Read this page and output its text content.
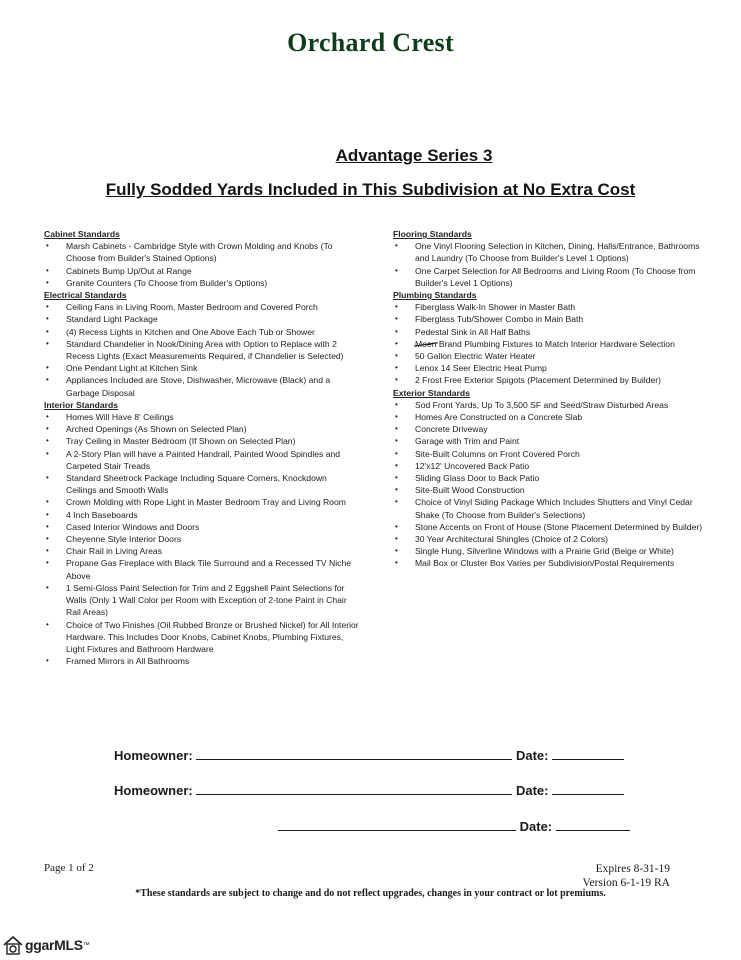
Orchard Crest
Advantage Series 3
Fully Sodded Yards Included in This Subdivision at No Extra Cost
Cabinet Standards
• Marsh Cabinets - Cambridge Style with Crown Molding and Knobs (To Choose from Builder's Stained Options)
• Cabinets Bump Up/Out at Range
• Granite Counters (To Choose from Builder's Options)
Electrical Standards
• Ceiling Fans in Living Room, Master Bedroom and Covered Porch
• Standard Light Package
• (4) Recess Lights in Kitchen and One Above Each Tub or Shower
• Standard Chandelier in Nook/Dining Area with Option to Replace with 2 Recess Lights (Exact Measurements Required, if Chandelier is Selected)
• One Pendant Light at Kitchen Sink
• Appliances Included are Stove, Dishwasher, Microwave (Black) and a Garbage Disposal
Interior Standards
• Homes Will Have 8' Ceilings
• Arched Openings (As Shown on Selected Plan)
• Tray Ceiling in Master Bedroom (If Shown on Selected Plan)
• A 2-Story Plan will have a Painted Handrail, Painted Wood Spindles and Carpeted Stair Treads
• Standard Sheetrock Package Including Square Corners, Knockdown Ceilings and Smooth Walls
• Crown Molding with Rope Light in Master Bedroom Tray and Living Room
• 4 Inch Baseboards
• Cased Interior Windows and Doors
• Cheyenne Style Interior Doors
• Chair Rail in Living Areas
• Propane Gas Fireplace with Black Tile Surround and a Recessed TV Niche Above
• 1 Semi-Gloss Paint Selection for Trim and 2 Eggshell Paint Selections for Walls (Only 1 Wall Color per Room with Exception of 2-tone Paint in Chair Rail Areas)
• Choice of Two Finishes (Oil Rubbed Bronze or Brushed Nickel) for All Interior Hardware. This Includes Door Knobs, Cabinet Knobs, Plumbing Fixtures, Light Fixtures and Bathroom Hardware
• Framed Mirrors in All Bathrooms
Flooring Standards
• One Vinyl Flooring Selection in Kitchen, Dining, Halls/Entrance, Bathrooms and Laundry (To Choose from Builder's Level 1 Options)
• One Carpet Selection for All Bedrooms and Living Room (To Choose from Builder's Level 1 Options)
Plumbing Standards
• Fiberglass Walk-In Shower in Master Bath
• Fiberglass Tub/Shower Combo in Main Bath
• Pedestal Sink in All Half Baths
• Moen Brand Plumbing Fixtures to Match Interior Hardware Selection
• 50 Gallon Electric Water Heater
• Lenox 14 Seer Electric Heat Pump
• 2 Frost Free Exterior Spigots (Placement Determined by Builder)
Exterior Standards
• Sod Front Yards, Up To 3,500 SF and Seed/Straw Disturbed Areas
• Homes Are Constructed on a Concrete Slab
• Concrete Driveway
• Garage with Trim and Paint
• Site-Built Columns on Front Covered Porch
• 12'x12' Uncovered Back Patio
• Sliding Glass Door to Back Patio
• Site-Built Wood Construction
• Choice of Vinyl Siding Package Which Includes Shutters and Vinyl Cedar Shake (To Choose from Builder's Selections)
• Stone Accents on Front of House (Stone Placement Determined by Builder)
• 30 Year Architectural Shingles (Choice of 2 Colors)
• Single Hung, Silverline Windows with a Prairie Grid (Beige or White)
• Mail Box or Cluster Box Varies per Subdivision/Postal Requirements
Homeowner:	Date:
Homeowner:	Date:
Date:
Page 1 of 2	Expires 8-31-19
Version 6-1-19 RA
*These standards are subject to change and do not reflect upgrades, changes in your contract or lot premiums.
ggarMLS ™
